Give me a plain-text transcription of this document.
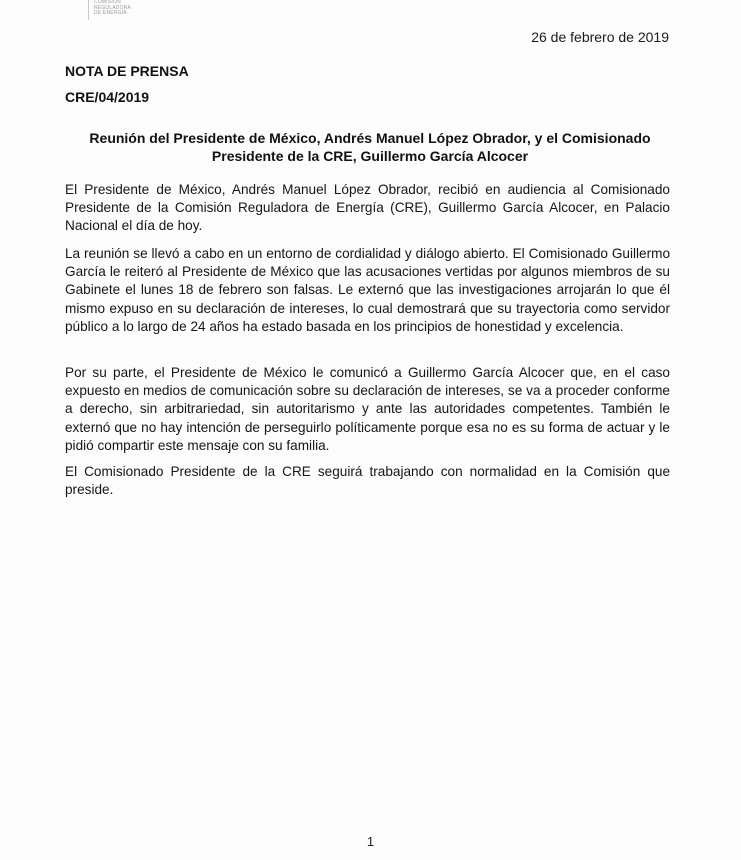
COMISIÓN
REGULADORA
DE ENERGÍA
26 de febrero de 2019
NOTA DE PRENSA
CRE/04/2019
Reunión del Presidente de México, Andrés Manuel López Obrador, y el Comisionado
Presidente de la CRE, Guillermo García Alcocer

El Presidente de México, Andrés Manuel López Obrador, recibió en audiencia al Comisionado Presidente de la Comisión Reguladora de Energía (CRE), Guillermo García Alcocer, en Palacio Nacional el día de hoy.

La reunión se llevó a cabo en un entorno de cordialidad y diálogo abierto. El Comisionado Guillermo García le reiteró al Presidente de México que las acusaciones vertidas por algunos miembros de su Gabinete el lunes 18 de febrero son falsas. Le externó que las investigaciones arrojarán lo que él mismo expuso en su declaración de intereses, lo cual demostrará que su trayectoria como servidor público a lo largo de 24 años ha estado basada en los principios de honestidad y excelencia.

Por su parte, el Presidente de México le comunicó a Guillermo García Alcocer que, en el caso expuesto en medios de comunicación sobre su declaración de intereses, se va a proceder conforme a derecho, sin arbitrariedad, sin autoritarismo y ante las autoridades competentes. También le externó que no hay intención de perseguirlo políticamente porque esa no es su forma de actuar y le pidió compartir este mensaje con su familia.

El Comisionado Presidente de la CRE seguirá trabajando con normalidad en la Comisión que preside.

1
